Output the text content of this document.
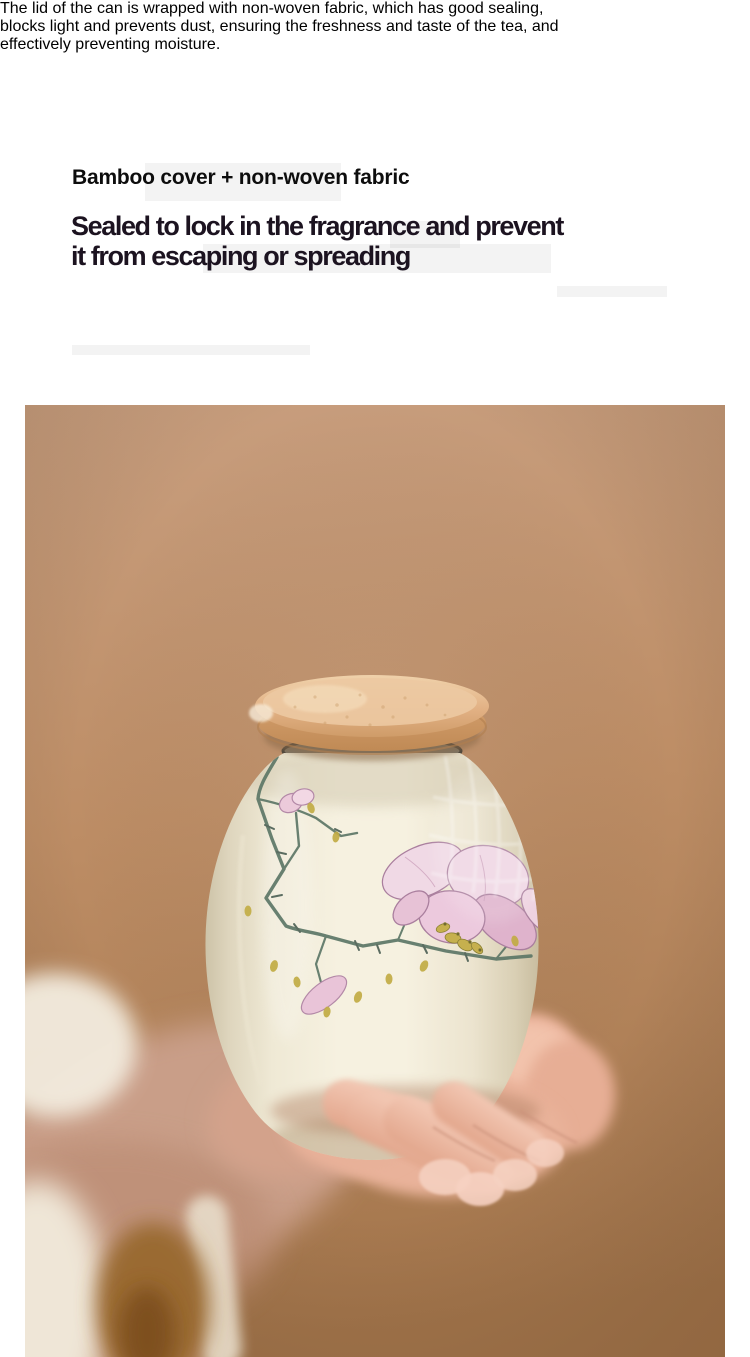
Bamboo cover + non-woven fabric
Sealed to lock in the fragrance and prevent
it from escaping or spreading

The lid of the can is wrapped with non-woven fabric, which has good sealing,
blocks light and prevents dust, ensuring the freshness and taste of the tea, and
effectively preventing moisture.
